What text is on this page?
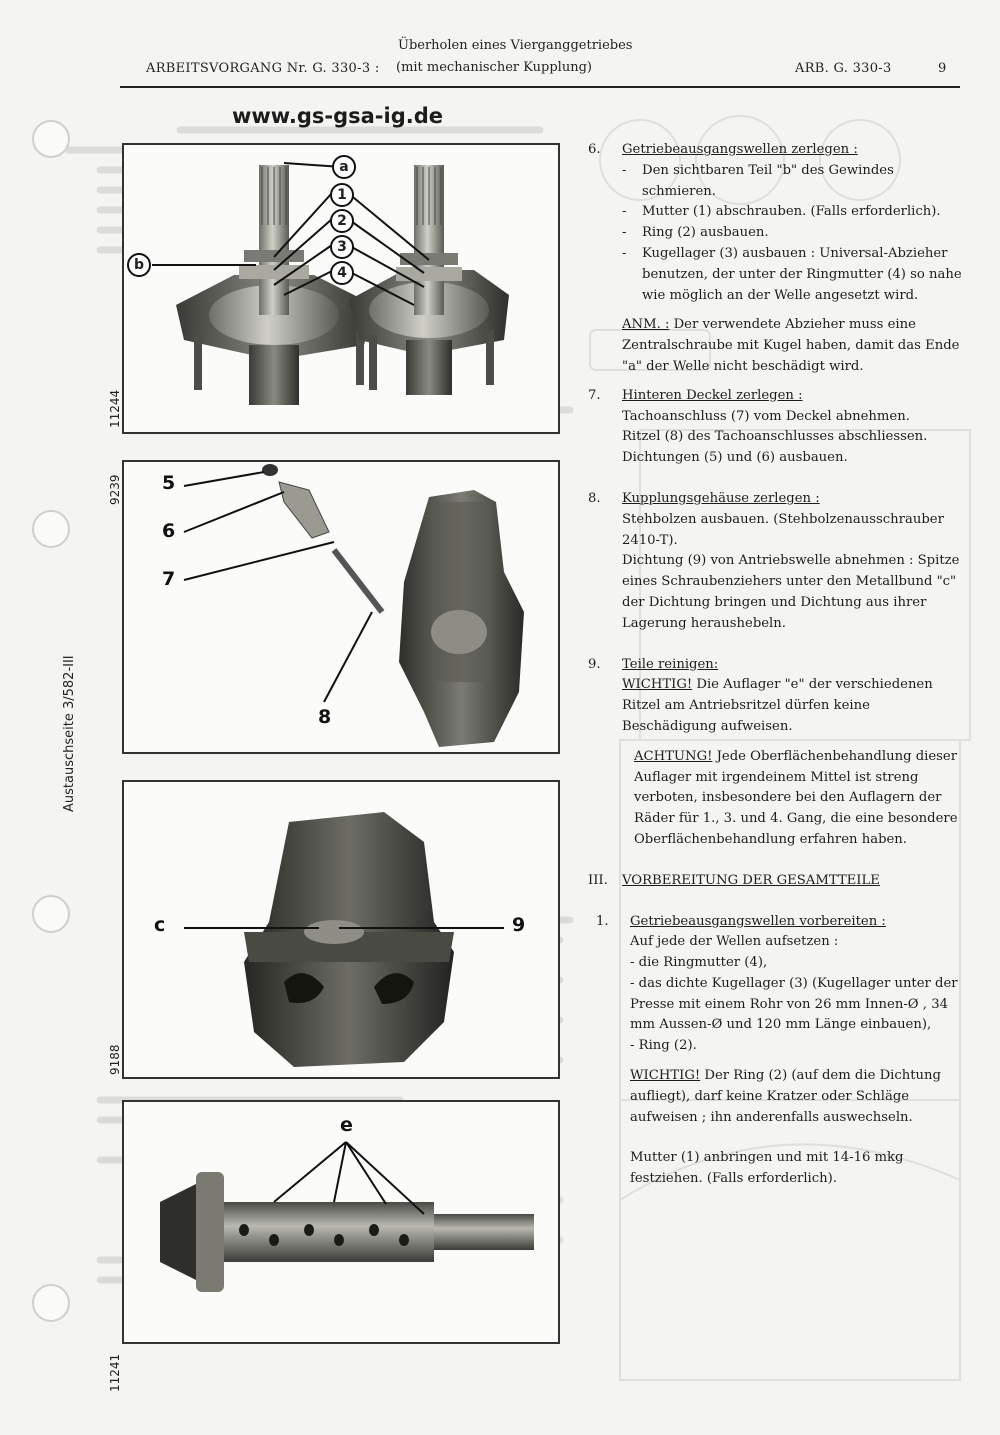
ARBEITSVORGANG Nr. G. 330-3 :
Überholen eines Vierganggetriebes
(mit mechanischer Kupplung)	ARB. G. 330-3	9
www.gs-gsa-ig.de
Austauschseite 3/582-III
a
1
2
3
4
b
11244
5
6
7
8
9239
c	9
9188
e
11241
6.	Getriebeausgangswellen zerlegen :
-	Den sichtbaren Teil "b" des Gewindes schmieren.
-	Mutter (1) abschrauben. (Falls erforderlich).
-	Ring (2) ausbauen.
-	Kugellager (3) ausbauen : Universal-Abzieher benutzen, der unter der Ringmutter (4) so nahe wie möglich an der Welle angesetzt wird.
ANM. : Der verwendete Abzieher muss eine Zentralschraube mit Kugel haben, damit das Ende "a" der Welle nicht beschädigt wird.
7.	Hinteren Deckel zerlegen :
Tachoanschluss (7) vom Deckel abnehmen.
Ritzel (8) des Tachoanschlusses abschliessen.
Dichtungen (5) und (6) ausbauen.
8.	Kupplungsgehäuse zerlegen :
Stehbolzen ausbauen. (Stehbolzenausschrauber 2410-T).
Dichtung (9) von Antriebswelle abnehmen : Spitze eines Schraubenziehers unter den Metallbund "c" der Dichtung bringen und Dichtung aus ihrer Lagerung heraushebeln.
9.	Teile reinigen:
WICHTIG! Die Auflager "e" der verschiedenen Ritzel am Antriebsritzel dürfen keine Beschädigung aufweisen.
ACHTUNG! Jede Oberflächenbehandlung dieser Auflager mit irgendeinem Mittel ist streng verboten, insbesondere bei den Auflagern der Räder für 1., 3. und 4. Gang, die eine besondere Oberflächenbehandlung erfahren haben.
III.	VORBEREITUNG DER GESAMTTEILE
1.	Getriebeausgangswellen vorbereiten :
Auf jede der Wellen aufsetzen :
- die Ringmutter (4),
- das dichte Kugellager (3) (Kugellager unter der Presse mit einem Rohr von 26 mm Innen-Ø , 34 mm Aussen-Ø und 120 mm Länge einbauen),
- Ring (2).
WICHTIG! Der Ring (2) (auf dem die Dichtung aufliegt), darf keine Kratzer oder Schläge aufweisen ; ihn anderenfalls auswechseln.
Mutter (1) anbringen und mit 14-16 mkg festziehen. (Falls erforderlich).
